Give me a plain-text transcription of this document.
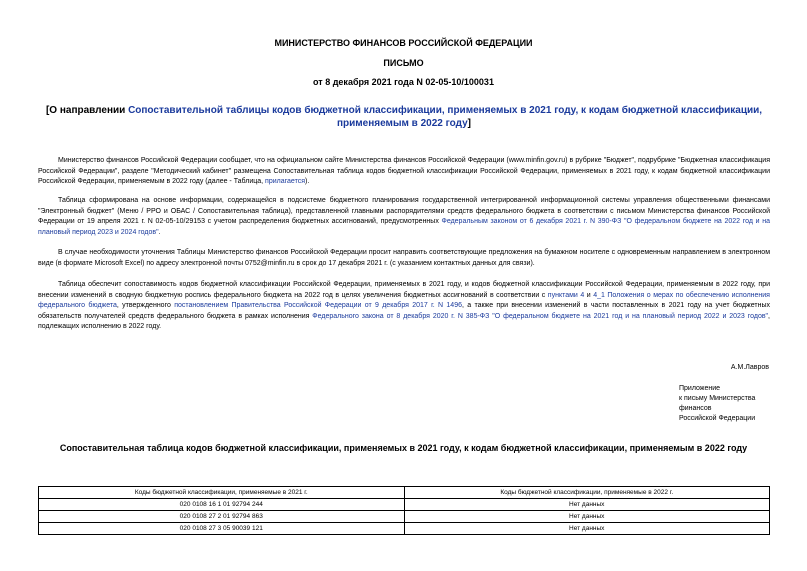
МИНИСТЕРСТВО ФИНАНСОВ РОССИЙСКОЙ ФЕДЕРАЦИИ
ПИСЬМО
от 8 декабря 2021 года N 02-05-10/100031
[О направлении Сопоставительной таблицы кодов бюджетной классификации, применяемых в 2021 году, к кодам бюджетной классификации, применяемым в 2022 году]
Министерство финансов Российской Федерации сообщает, что на официальном сайте Министерства финансов Российской Федерации (www.minfin.gov.ru) в рубрике "Бюджет", подрубрике "Бюджетная классификация Российской Федерации", разделе "Методический кабинет" размещена Сопоставительная таблица кодов бюджетной классификации Российской Федерации, применяемых в 2021 году, к кодам бюджетной классификации Российской Федерации, применяемым в 2022 году (далее - Таблица, прилагается).
Таблица сформирована на основе информации, содержащейся в подсистеме бюджетного планирования государственной интегрированной информационной системы управления общественными финансами "Электронный бюджет" (Меню / РРО и ОБАС / Сопоставительная таблица), представленной главными распорядителями средств федерального бюджета в соответствии с письмом Министерства финансов Российской Федерации от 19 апреля 2021 г. N 02-05-10/29153 с учетом распределения бюджетных ассигнований, предусмотренных Федеральным законом от 6 декабря 2021 г. N 390-ФЗ "О федеральном бюджете на 2022 год и на плановый период 2023 и 2024 годов".
В случае необходимости уточнения Таблицы Министерство финансов Российской Федерации просит направить соответствующие предложения на бумажном носителе с одновременным направлением в электронном виде (в формате Microsoft Excel) по адресу электронной почты 0752@minfin.ru в срок до 17 декабря 2021 г. (с указанием контактных данных для связи).
Таблица обеспечит сопоставимость кодов бюджетной классификации Российской Федерации, применяемых в 2021 году, и кодов бюджетной классификации Российской Федерации, применяемым в 2022 году, при внесении изменений в сводную бюджетную роспись федерального бюджета на 2022 год в целях увеличения бюджетных ассигнований в соответствии с пунктами 4 и 4_1 Положения о мерах по обеспечению исполнения федерального бюджета, утвержденного постановлением Правительства Российской Федерации от 9 декабря 2017 г. N 1496, а также при внесении изменений в части поставленных в 2021 году на учет бюджетных обязательств получателей средств федерального бюджета в рамках исполнения Федерального закона от 8 декабря 2020 г. N 385-ФЗ "О федеральном бюджете на 2021 год и на плановый период 2022 и 2023 годов", подлежащих исполнению в 2022 году.
А.М.Лавров
Приложение
к письму Министерства финансов
Российской Федерации
Сопоставительная таблица кодов бюджетной классификации, применяемых в 2021 году, к кодам бюджетной классификации, применяемым в 2022 году
Коды бюджетной классификации, применяемые в 2021 г.	Коды бюджетной классификации, применяемые в 2022 г.
020 0108 16 1 01 92794 244	Нет данных
020 0108 27 2 01 92794 863	Нет данных
020 0108 27 3 05 90039 121	Нет данных
